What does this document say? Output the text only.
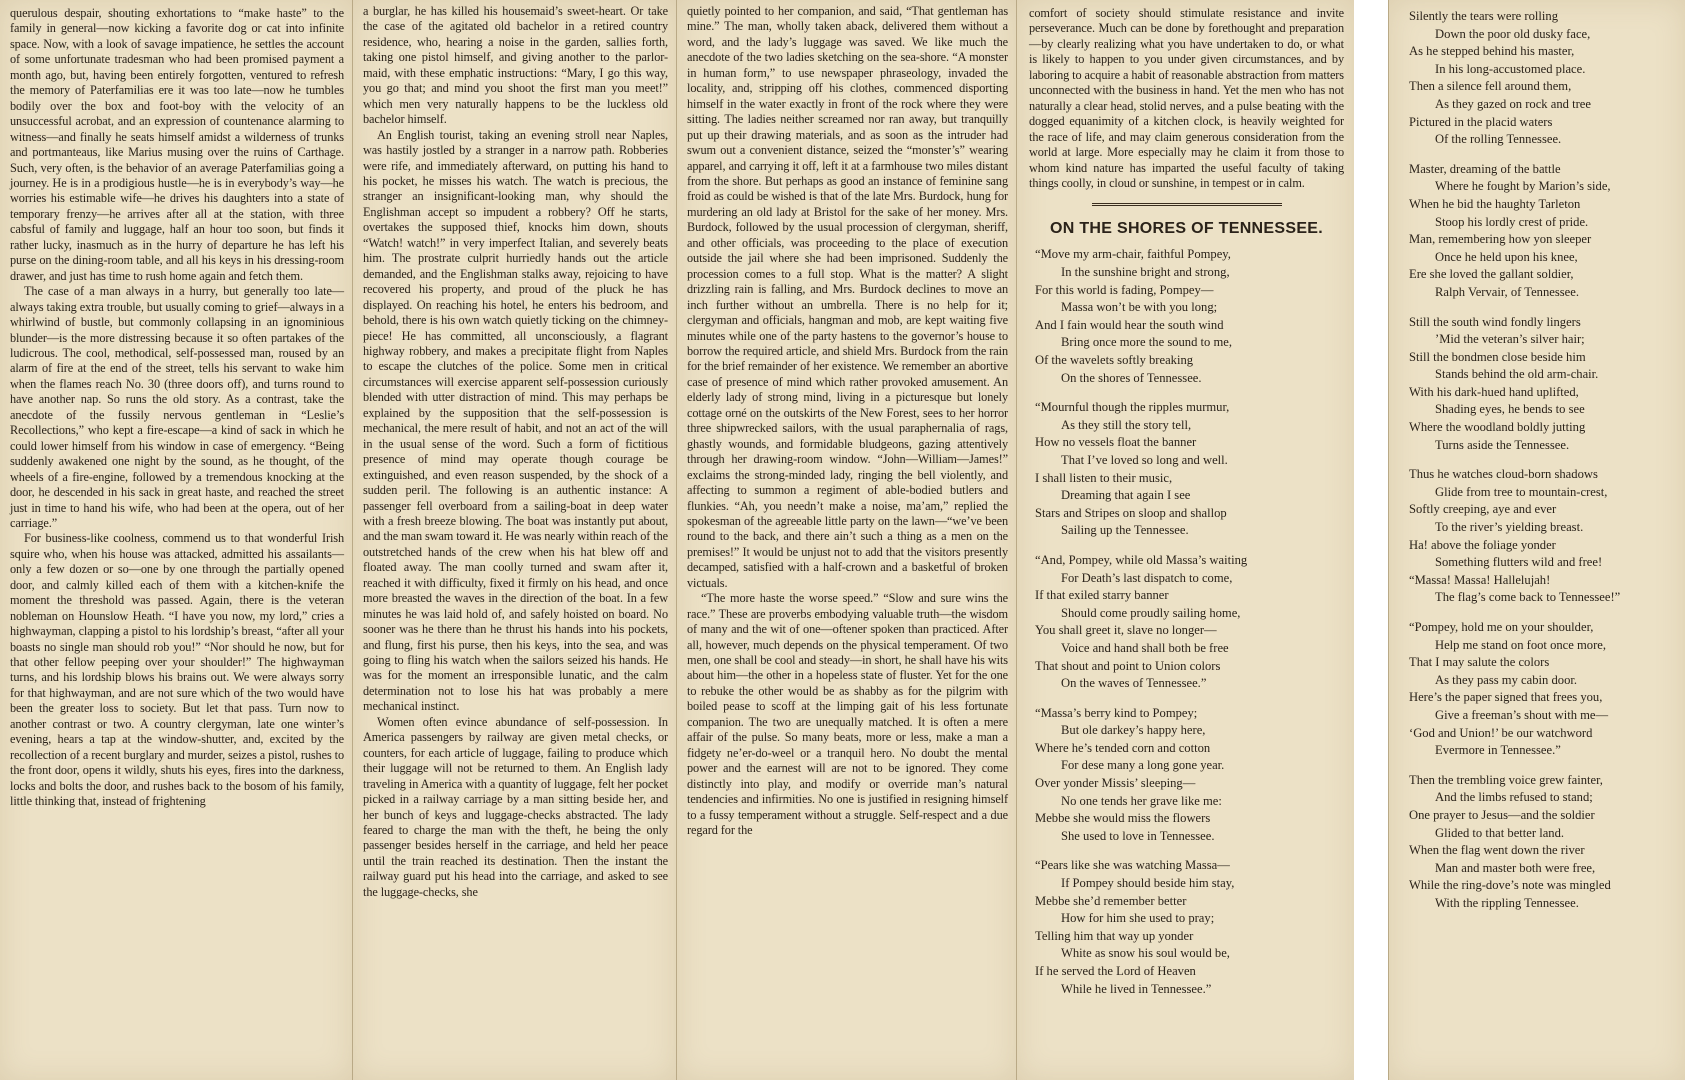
querulous despair, shouting exhortations to “make haste” to the family in general—now kicking a favorite dog or cat into infinite space. Now, with a look of savage impatience, he settles the account of some unfortunate tradesman who had been promised payment a month ago, but, having been entirely forgotten, ventured to refresh the memory of Paterfamilias ere it was too late—now he tumbles bodily over the box and foot-boy with the velocity of an unsuccessful acrobat, and an expression of countenance alarming to witness—and finally he seats himself amidst a wilderness of trunks and portmanteaus, like Marius musing over the ruins of Carthage. Such, very often, is the behavior of an average Paterfamilias going a journey. He is in a prodigious hustle—he is in everybody’s way—he worries his estimable wife—he drives his daughters into a state of temporary frenzy—he arrives after all at the station, with three cabsful of family and luggage, half an hour too soon, but finds it rather lucky, inasmuch as in the hurry of departure he has left his purse on the dining-room table, and all his keys in his dressing-room drawer, and just has time to rush home again and fetch them.

The case of a man always in a hurry, but generally too late—always taking extra trouble, but usually coming to grief—always in a whirlwind of bustle, but commonly collapsing in an ignominious blunder—is the more distressing because it so often partakes of the ludicrous. The cool, methodical, self-possessed man, roused by an alarm of fire at the end of the street, tells his servant to wake him when the flames reach No. 30 (three doors off), and turns round to have another nap. So runs the old story. As a contrast, take the anecdote of the fussily nervous gentleman in “Leslie’s Recollections,” who kept a fire-escape—a kind of sack in which he could lower himself from his window in case of emergency. “Being suddenly awakened one night by the sound, as he thought, of the wheels of a fire-engine, followed by a tremendous knocking at the door, he descended in his sack in great haste, and reached the street just in time to hand his wife, who had been at the opera, out of her carriage.”

For business-like coolness, commend us to that wonderful Irish squire who, when his house was attacked, admitted his assailants—only a few dozen or so—one by one through the partially opened door, and calmly killed each of them with a kitchen-knife the moment the threshold was passed. Again, there is the veteran nobleman on Hounslow Heath. “I have you now, my lord,” cries a highwayman, clapping a pistol to his lordship’s breast, “after all your boasts no single man should rob you!” “Nor should he now, but for that other fellow peeping over your shoulder!” The highwayman turns, and his lordship blows his brains out. We were always sorry for that highwayman, and are not sure which of the two would have been the greater loss to society. But let that pass. Turn now to another contrast or two. A country clergyman, late one winter’s evening, hears a tap at the window-shutter, and, excited by the recollection of a recent burglary and murder, seizes a pistol, rushes to the front door, opens it wildly, shuts his eyes, fires into the darkness, locks and bolts the door, and rushes back to the bosom of his family, little thinking that, instead of frightening

a burglar, he has killed his housemaid’s sweet-heart. Or take the case of the agitated old bachelor in a retired country residence, who, hearing a noise in the garden, sallies forth, taking one pistol himself, and giving another to the parlor-maid, with these emphatic instructions: “Mary, I go this way, you go that; and mind you shoot the first man you meet!” which men very naturally happens to be the luckless old bachelor himself.

An English tourist, taking an evening stroll near Naples, was hastily jostled by a stranger in a narrow path. Robberies were rife, and immediately afterward, on putting his hand to his pocket, he misses his watch. The watch is precious, the stranger an insignificant-looking man, why should the Englishman accept so impudent a robbery? Off he starts, overtakes the supposed thief, knocks him down, shouts “Watch! watch!” in very imperfect Italian, and severely beats him. The prostrate culprit hurriedly hands out the article demanded, and the Englishman stalks away, rejoicing to have recovered his property, and proud of the pluck he has displayed. On reaching his hotel, he enters his bedroom, and behold, there is his own watch quietly ticking on the chimney-piece! He has committed, all unconsciously, a flagrant highway robbery, and makes a precipitate flight from Naples to escape the clutches of the police. Some men in critical circumstances will exercise apparent self-possession curiously blended with utter distraction of mind. This may perhaps be explained by the supposition that the self-possession is mechanical, the mere result of habit, and not an act of the will in the usual sense of the word. Such a form of fictitious presence of mind may operate though courage be extinguished, and even reason suspended, by the shock of a sudden peril. The following is an authentic instance: A passenger fell overboard from a sailing-boat in deep water with a fresh breeze blowing. The boat was instantly put about, and the man swam toward it. He was nearly within reach of the outstretched hands of the crew when his hat blew off and floated away. The man coolly turned and swam after it, reached it with difficulty, fixed it firmly on his head, and once more breasted the waves in the direction of the boat. In a few minutes he was laid hold of, and safely hoisted on board. No sooner was he there than he thrust his hands into his pockets, and flung, first his purse, then his keys, into the sea, and was going to fling his watch when the sailors seized his hands. He was for the moment an irresponsible lunatic, and the calm determination not to lose his hat was probably a mere mechanical instinct.

Women often evince abundance of self-possession. In America passengers by railway are given metal checks, or counters, for each article of luggage, failing to produce which their luggage will not be returned to them. An English lady traveling in America with a quantity of luggage, felt her pocket picked in a railway carriage by a man sitting beside her, and her bunch of keys and luggage-checks abstracted. The lady feared to charge the man with the theft, he being the only passenger besides herself in the carriage, and held her peace until the train reached its destination. Then the instant the railway guard put his head into the carriage, and asked to see the luggage-checks, she

quietly pointed to her companion, and said, “That gentleman has mine.” The man, wholly taken aback, delivered them without a word, and the lady’s luggage was saved. We like much the anecdote of the two ladies sketching on the sea-shore. “A monster in human form,” to use newspaper phraseology, invaded the locality, and, stripping off his clothes, commenced disporting himself in the water exactly in front of the rock where they were sitting. The ladies neither screamed nor ran away, but tranquilly put up their drawing materials, and as soon as the intruder had swum out a convenient distance, seized the “monster’s” wearing apparel, and carrying it off, left it at a farmhouse two miles distant from the shore. But perhaps as good an instance of feminine sang froid as could be wished is that of the late Mrs. Burdock, hung for murdering an old lady at Bristol for the sake of her money. Mrs. Burdock, followed by the usual procession of clergyman, sheriff, and other officials, was proceeding to the place of execution outside the jail where she had been imprisoned. Suddenly the procession comes to a full stop. What is the matter? A slight drizzling rain is falling, and Mrs. Burdock declines to move an inch further without an umbrella. There is no help for it; clergyman and officials, hangman and mob, are kept waiting five minutes while one of the party hastens to the governor’s house to borrow the required article, and shield Mrs. Burdock from the rain for the brief remainder of her existence. We remember an abortive case of presence of mind which rather provoked amusement. An elderly lady of strong mind, living in a picturesque but lonely cottage orné on the outskirts of the New Forest, sees to her horror three shipwrecked sailors, with the usual paraphernalia of rags, ghastly wounds, and formidable bludgeons, gazing attentively through her drawing-room window. “John—William—James!” exclaims the strong-minded lady, ringing the bell violently, and affecting to summon a regiment of able-bodied butlers and flunkies. “Ah, you needn’t make a noise, ma’am,” replied the spokesman of the agreeable little party on the lawn—“we’ve been round to the back, and there ain’t such a thing as a men on the premises!” It would be unjust not to add that the visitors presently decamped, satisfied with a half-crown and a basketful of broken victuals.

“The more haste the worse speed.” “Slow and sure wins the race.” These are proverbs embodying valuable truth—the wisdom of many and the wit of one—oftener spoken than practiced. After all, however, much depends on the physical temperament. Of two men, one shall be cool and steady—in short, he shall have his wits about him—the other in a hopeless state of fluster. Yet for the one to rebuke the other would be as shabby as for the pilgrim with boiled pease to scoff at the limping gait of his less fortunate companion. The two are unequally matched. It is often a mere affair of the pulse. So many beats, more or less, make a man a fidgety ne’er-do-weel or a tranquil hero. No doubt the mental power and the earnest will are not to be ignored. They come distinctly into play, and modify or override man’s natural tendencies and infirmities. No one is justified in resigning himself to a fussy temperament without a struggle. Self-respect and a due regard for the

comfort of society should stimulate resistance and invite perseverance. Much can be done by forethought and preparation—by clearly realizing what you have undertaken to do, or what is likely to happen to you under given circumstances, and by laboring to acquire a habit of reasonable abstraction from matters unconnected with the business in hand. Yet the men who has not naturally a clear head, stolid nerves, and a pulse beating with the dogged equanimity of a kitchen clock, is heavily weighted for the race of life, and may claim generous consideration from the world at large. More especially may he claim it from those to whom kind nature has imparted the useful faculty of taking things coolly, in cloud or sunshine, in tempest or in calm.

ON THE SHORES OF TENNESSEE.
“Move my arm-chair, faithful Pompey,
In the sunshine bright and strong,
For this world is fading, Pompey—
Massa won’t be with you long;
And I fain would hear the south wind
Bring once more the sound to me,
Of the wavelets softly breaking
On the shores of Tennessee.
“Mournful though the ripples murmur,
As they still the story tell,
How no vessels float the banner
That I’ve loved so long and well.
I shall listen to their music,
Dreaming that again I see
Stars and Stripes on sloop and shallop
Sailing up the Tennessee.
“And, Pompey, while old Massa’s waiting
For Death’s last dispatch to come,
If that exiled starry banner
Should come proudly sailing home,
You shall greet it, slave no longer—
Voice and hand shall both be free
That shout and point to Union colors
On the waves of Tennessee.”
“Massa’s berry kind to Pompey;
But ole darkey’s happy here,
Where he’s tended corn and cotton
For dese many a long gone year.
Over yonder Missis’ sleeping—
No one tends her grave like me:
Mebbe she would miss the flowers
She used to love in Tennessee.
“Pears like she was watching Massa—
If Pompey should beside him stay,
Mebbe she’d remember better
How for him she used to pray;
Telling him that way up yonder
White as snow his soul would be,
If he served the Lord of Heaven
While he lived in Tennessee.”
Silently the tears were rolling
Down the poor old dusky face,
As he stepped behind his master,
In his long-accustomed place.
Then a silence fell around them,
As they gazed on rock and tree
Pictured in the placid waters
Of the rolling Tennessee.
Master, dreaming of the battle
Where he fought by Marion’s side,
When he bid the haughty Tarleton
Stoop his lordly crest of pride.
Man, remembering how yon sleeper
Once he held upon his knee,
Ere she loved the gallant soldier,
Ralph Vervair, of Tennessee.
Still the south wind fondly lingers
’Mid the veteran’s silver hair;
Still the bondmen close beside him
Stands behind the old arm-chair.
With his dark-hued hand uplifted,
Shading eyes, he bends to see
Where the woodland boldly jutting
Turns aside the Tennessee.
Thus he watches cloud-born shadows
Glide from tree to mountain-crest,
Softly creeping, aye and ever
To the river’s yielding breast.
Ha! above the foliage yonder
Something flutters wild and free!
“Massa! Massa! Hallelujah!
The flag’s come back to Tennessee!”
“Pompey, hold me on your shoulder,
Help me stand on foot once more,
That I may salute the colors
As they pass my cabin door.
Here’s the paper signed that frees you,
Give a freeman’s shout with me—
‘God and Union!’ be our watchword
Evermore in Tennessee.”
Then the trembling voice grew fainter,
And the limbs refused to stand;
One prayer to Jesus—and the soldier
Glided to that better land.
When the flag went down the river
Man and master both were free,
While the ring-dove’s note was mingled
With the rippling Tennessee.
